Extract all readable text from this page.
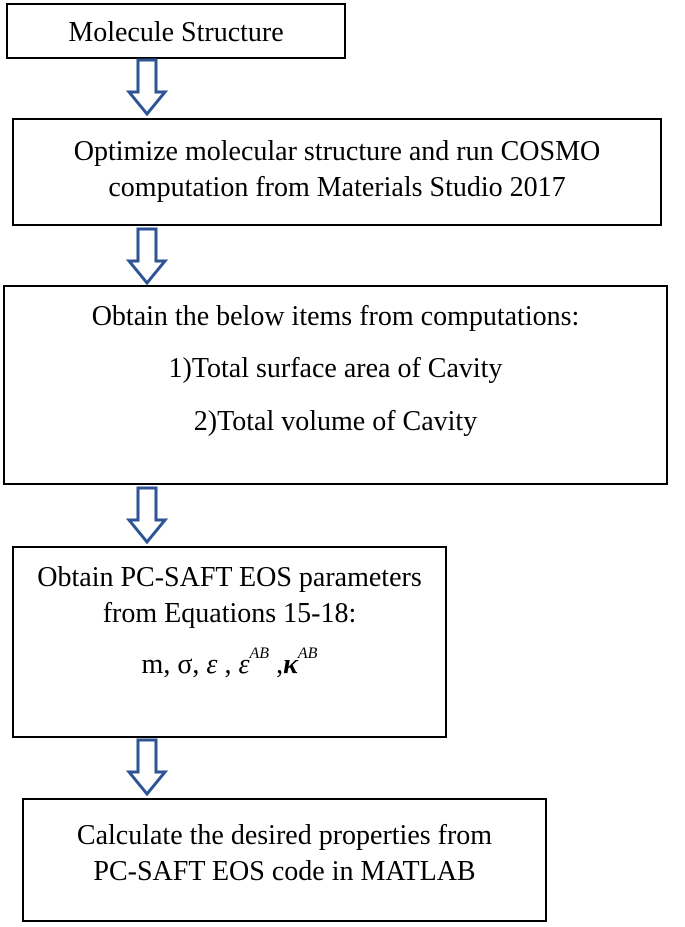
Molecule Structure
Optimize molecular structure and run COSMO
computation from Materials Studio 2017
Obtain the below items from computations:
1)Total surface area of Cavity
2)Total volume of Cavity
Obtain PC-SAFT EOS parameters
from Equations 15-18:
m, σ, ε , $\varepsilon^{AB}$ $,\kappa^{AB}$
Calculate the desired properties from
PC-SAFT EOS code in MATLAB
